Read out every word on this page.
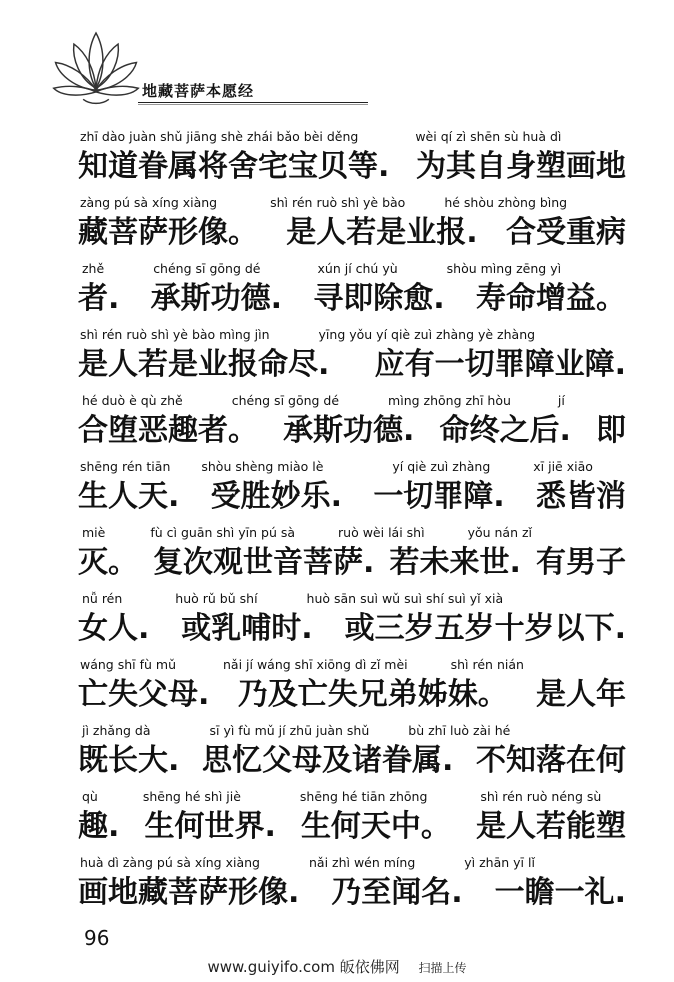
地藏菩萨本愿经
zhī dào juàn shǔ jiāng shè zhái bǎo bèi děng	wèi qí zì shēn sù huà dì
知道眷属将舍宅宝贝等. 为其自身塑画地
zàng pú sà xíng xiàng	shì rén ruò shì yè bào	hé shòu zhòng bìng
藏菩萨形像。 是人若是业报. 合受重病
zhě	chéng sī gōng dé	xún jí chú yù	shòu mìng zēng yì
者. 承斯功德. 寻即除愈. 寿命增益。
shì rén ruò shì yè bào mìng jìn	yīng yǒu yí qiè zuì zhàng yè zhàng
是人若是业报命尽. 应有一切罪障业障.
hé duò è qù zhě	chéng sī gōng dé	mìng zhōng zhī hòu	jí
合堕恶趣者。 承斯功德. 命终之后. 即
shēng rén tiān shòu shèng miào lè	yí qiè zuì zhàng	xī jiē xiāo
生人天. 受胜妙乐. 一切罪障. 悉皆消
miè	fù cì guān shì yīn pú sà	ruò wèi lái shì	yǒu nán zǐ
灭。 复次观世音菩萨. 若未来世. 有男子
nǚ rén	huò rǔ bǔ shí	huò sān suì wǔ suì shí suì yǐ xià
女人. 或乳哺时. 或三岁五岁十岁以下.
wáng shī fù mǔ	nǎi jí wáng shī xiōng dì zǐ mèi	shì rén nián
亡失父母. 乃及亡失兄弟姊妹。 是人年
jì zhǎng dà	sī yì fù mǔ jí zhū juàn shǔ	bù zhī luò zài hé
既长大. 思忆父母及诸眷属. 不知落在何
qù	shēng hé shì jiè	shēng hé tiān zhōng	shì rén ruò néng sù
趣. 生何世界. 生何天中。 是人若能塑
huà dì zàng pú sà xíng xiàng	nǎi zhì wén míng	yì zhān yī lǐ
画地藏菩萨形像. 乃至闻名. 一瞻一礼.
96
www.guiyifo.com 皈依佛网 扫描上传
